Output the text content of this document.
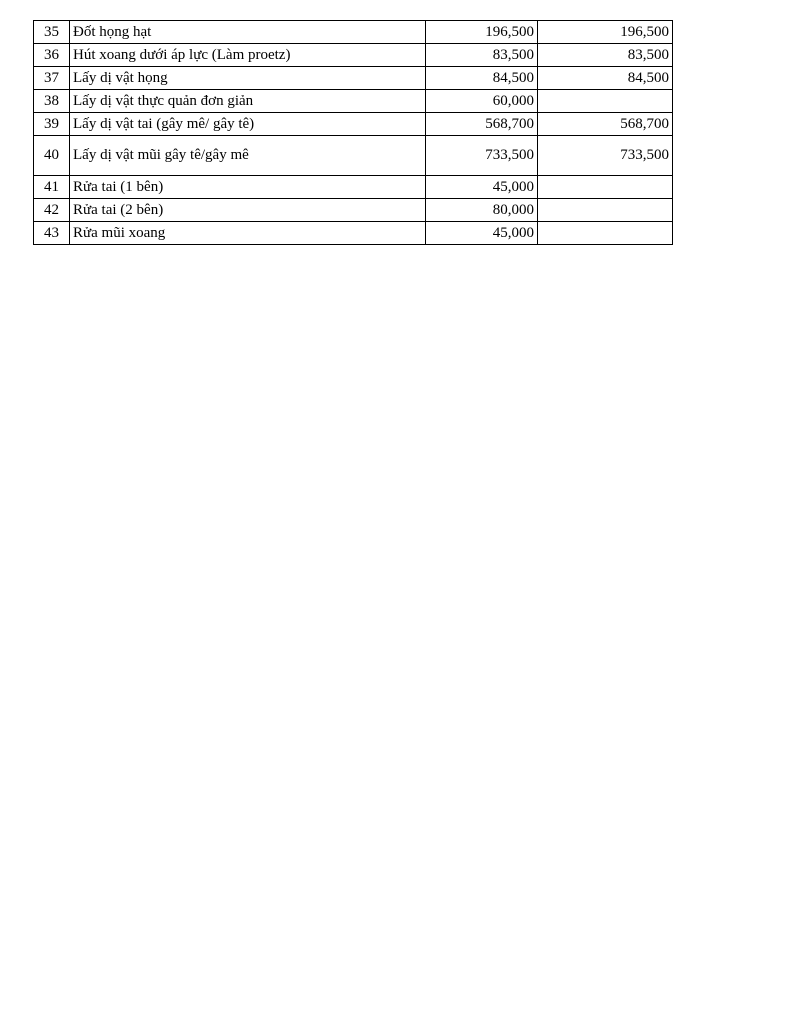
35	Đốt họng hạt	196,500	196,500
36	Hút xoang dưới áp lực (Làm proetz)	83,500	83,500
37	Lấy dị vật họng	84,500	84,500
38	Lấy dị vật thực quản đơn giản	60,000	
39	Lấy dị vật tai (gây mê/ gây tê)	568,700	568,700
40	Lấy dị vật mũi gây tê/gây mê	733,500	733,500
41	Rửa tai (1 bên)	45,000	
42	Rửa tai (2 bên)	80,000	
43	Rửa mũi xoang	45,000	
